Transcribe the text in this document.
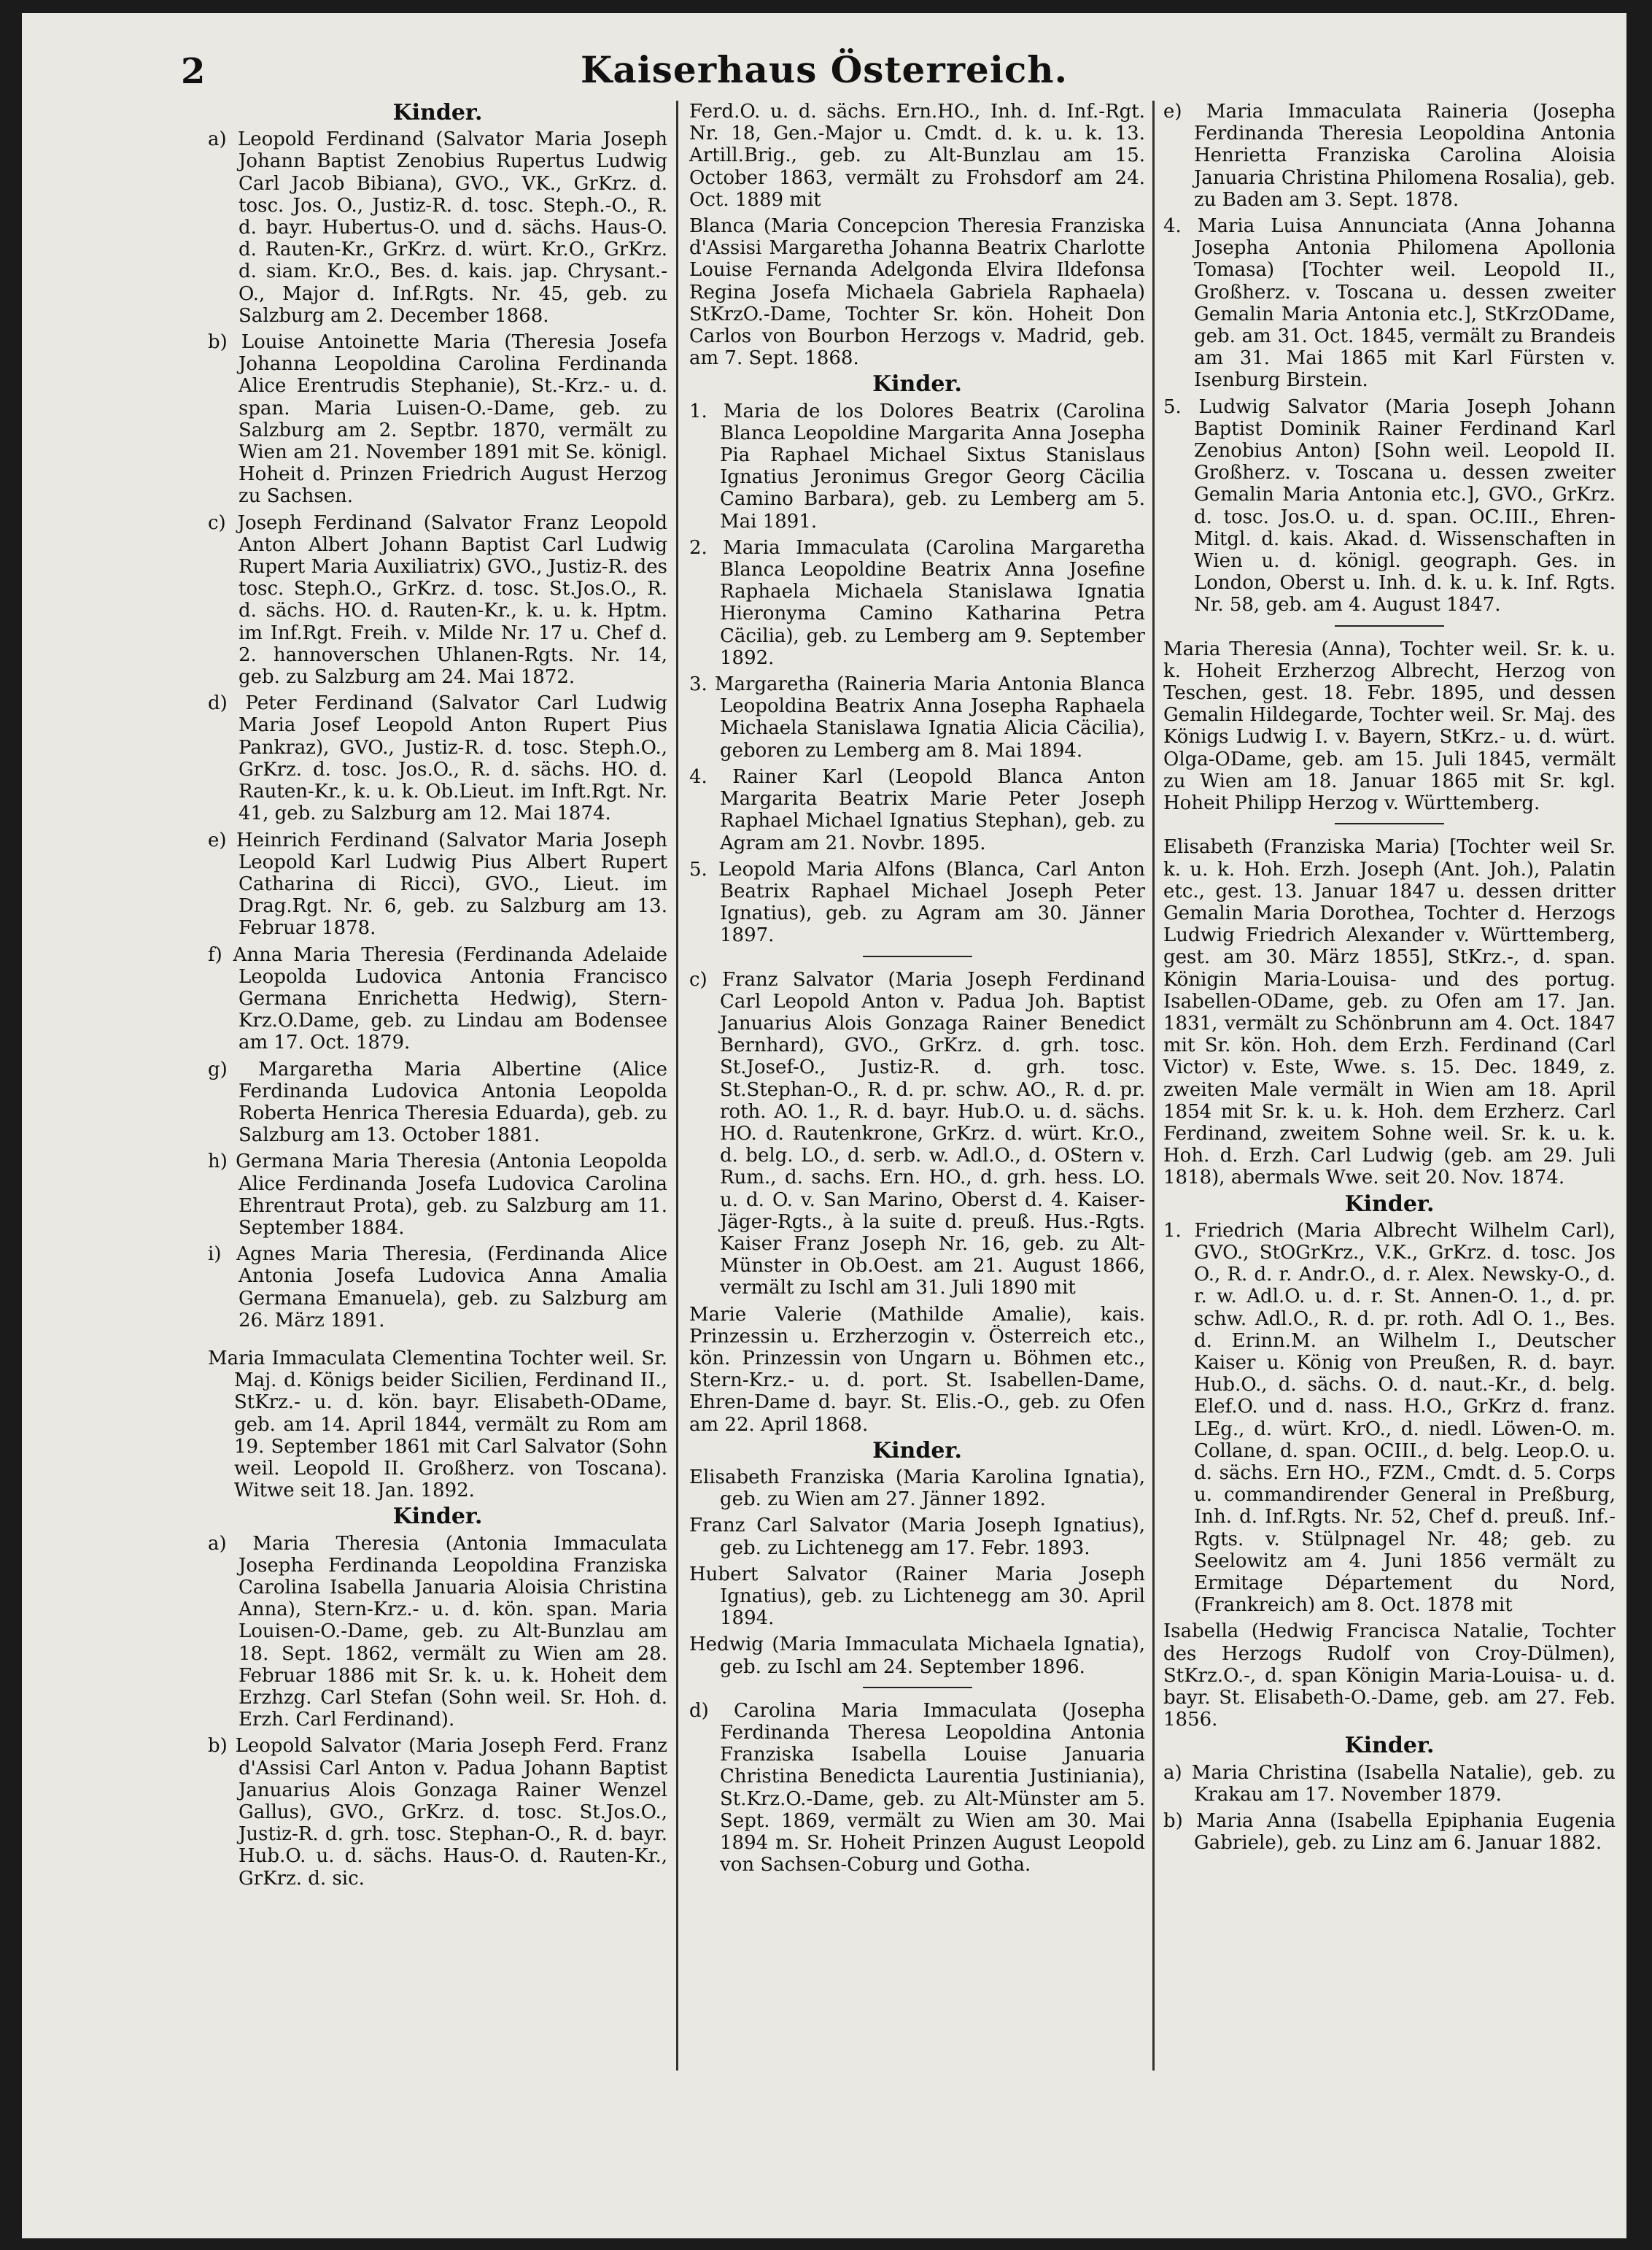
2	Kaiserhaus Österreich.
Kinder.
a) Leopold Ferdinand (Salvator Maria Joseph Johann Baptist Zenobius Rupertus Ludwig Carl Jacob Bibiana), GVO., VK., GrKrz. d. tosc. Jos. O., Justiz-R. d. tosc. Steph.-O., R. d. bayr. Hubertus-O. und d. sächs. Haus-O. d. Rauten-Kr., GrKrz. d. würt. Kr.O., GrKrz. d. siam. Kr.O., Bes. d. kais. jap. Chrysant.-O., Major d. Inf.Rgts. Nr. 45, geb. zu Salzburg am 2. December 1868.
b) Louise Antoinette Maria (Theresia Josefa Johanna Leopoldina Carolina Ferdinanda Alice Erentrudis Stephanie), St.-Krz.- u. d. span. Maria Luisen-O.-Dame, geb. zu Salzburg am 2. Septbr. 1870, vermält zu Wien am 21. November 1891 mit Se. königl. Hoheit d. Prinzen Friedrich August Herzog zu Sachsen.
c) Joseph Ferdinand (Salvator Franz Leopold Anton Albert Johann Baptist Carl Ludwig Rupert Maria Auxiliatrix) GVO., Justiz-R. des tosc. Steph.O., GrKrz. d. tosc. St.Jos.O., R. d. sächs. HO. d. Rauten-Kr., k. u. k. Hptm. im Inf.Rgt. Freih. v. Milde Nr. 17 u. Chef d. 2. hannoverschen Uhlanen-Rgts. Nr. 14, geb. zu Salzburg am 24. Mai 1872.
d) Peter Ferdinand (Salvator Carl Ludwig Maria Josef Leopold Anton Rupert Pius Pankraz), GVO., Justiz-R. d. tosc. Steph.O., GrKrz. d. tosc. Jos.O., R. d. sächs. HO. d. Rauten-Kr., k. u. k. Ob.Lieut. im Inft.Rgt. Nr. 41, geb. zu Salzburg am 12. Mai 1874.
e) Heinrich Ferdinand (Salvator Maria Joseph Leopold Karl Ludwig Pius Albert Rupert Catharina di Ricci), GVO., Lieut. im Drag.Rgt. Nr. 6, geb. zu Salzburg am 13. Februar 1878.
f) Anna Maria Theresia (Ferdinanda Adelaide Leopolda Ludovica Antonia Francisco Germana Enrichetta Hedwig), Stern-Krz.O.Dame, geb. zu Lindau am Bodensee am 17. Oct. 1879.
g) Margaretha Maria Albertine (Alice Ferdinanda Ludovica Antonia Leopolda Roberta Henrica Theresia Eduarda), geb. zu Salzburg am 13. October 1881.
h) Germana Maria Theresia (Antonia Leopolda Alice Ferdinanda Josefa Ludovica Carolina Ehrentraut Prota), geb. zu Salzburg am 11. September 1884.
i) Agnes Maria Theresia, (Ferdinanda Alice Antonia Josefa Ludovica Anna Amalia Germana Emanuela), geb. zu Salzburg am 26. März 1891.
Maria Immaculata Clementina Tochter weil. Sr. Maj. d. Königs beider Sicilien, Ferdinand II., StKrz.- u. d. kön. bayr. Elisabeth-ODame, geb. am 14. April 1844, vermält zu Rom am 19. September 1861 mit Carl Salvator (Sohn weil. Leopold II. Großherz. von Toscana). Witwe seit 18. Jan. 1892.
Kinder.
a) Maria Theresia (Antonia Immaculata Josepha Ferdinanda Leopoldina Franziska Carolina Isabella Januaria Aloisia Christina Anna), Stern-Krz.- u. d. kön. span. Maria Louisen-O.-Dame, geb. zu Alt-Bunzlau am 18. Sept. 1862, vermält zu Wien am 28. Februar 1886 mit Sr. k. u. k. Hoheit dem Erzhzg. Carl Stefan (Sohn weil. Sr. Hoh. d. Erzh. Carl Ferdinand).
b) Leopold Salvator (Maria Joseph Ferd. Franz d'Assisi Carl Anton v. Padua Johann Baptist Januarius Alois Gonzaga Rainer Wenzel Gallus), GVO., GrKrz. d. tosc. St.Jos.O., Justiz-R. d. grh. tosc. Stephan-O., R. d. bayr. Hub.O. u. d. sächs. Haus-O. d. Rauten-Kr., GrKrz. d. sic.
Ferd.O. u. d. sächs. Ern.HO., Inh. d. Inf.-Rgt. Nr. 18, Gen.-Major u. Cmdt. d. k. u. k. 13. Artill.Brig., geb. zu Alt-Bunzlau am 15. October 1863, vermält zu Frohsdorf am 24. Oct. 1889 mit
Blanca (Maria Concepcion Theresia Franziska d'Assisi Margaretha Johanna Beatrix Charlotte Louise Fernanda Adelgonda Elvira Ildefonsa Regina Josefa Michaela Gabriela Raphaela) StKrzO.-Dame, Tochter Sr. kön. Hoheit Don Carlos von Bourbon Herzogs v. Madrid, geb. am 7. Sept. 1868.
Kinder.
1. Maria de los Dolores Beatrix (Carolina Blanca Leopoldine Margarita Anna Josepha Pia Raphael Michael Sixtus Stanislaus Ignatius Jeronimus Gregor Georg Cäcilia Camino Barbara), geb. zu Lemberg am 5. Mai 1891.
2. Maria Immaculata (Carolina Margaretha Blanca Leopoldine Beatrix Anna Josefine Raphaela Michaela Stanislawa Ignatia Hieronyma Camino Katharina Petra Cäcilia), geb. zu Lemberg am 9. September 1892.
3. Margaretha (Raineria Maria Antonia Blanca Leopoldina Beatrix Anna Josepha Raphaela Michaela Stanislawa Ignatia Alicia Cäcilia), geboren zu Lemberg am 8. Mai 1894.
4. Rainer Karl (Leopold Blanca Anton Margarita Beatrix Marie Peter Joseph Raphael Michael Ignatius Stephan), geb. zu Agram am 21. Novbr. 1895.
5. Leopold Maria Alfons (Blanca, Carl Anton Beatrix Raphael Michael Joseph Peter Ignatius), geb. zu Agram am 30. Jänner 1897.
c) Franz Salvator (Maria Joseph Ferdinand Carl Leopold Anton v. Padua Joh. Baptist Januarius Alois Gonzaga Rainer Benedict Bernhard), GVO., GrKrz. d. grh. tosc. St.Josef-O., Justiz-R. d. grh. tosc. St.Stephan-O., R. d. pr. schw. AO., R. d. pr. roth. AO. 1., R. d. bayr. Hub.O. u. d. sächs. HO. d. Rautenkrone, GrKrz. d. würt. Kr.O., d. belg. LO., d. serb. w. Adl.O., d. OStern v. Rum., d. sachs. Ern. HO., d. grh. hess. LO. u. d. O. v. San Marino, Oberst d. 4. Kaiser-Jäger-Rgts., à la suite d. preuß. Hus.-Rgts. Kaiser Franz Joseph Nr. 16, geb. zu Alt-Münster in Ob.Oest. am 21. August 1866, vermält zu Ischl am 31. Juli 1890 mit
Marie Valerie (Mathilde Amalie), kais. Prinzessin u. Erzherzogin v. Österreich etc., kön. Prinzessin von Ungarn u. Böhmen etc., Stern-Krz.- u. d. port. St. Isabellen-Dame, Ehren-Dame d. bayr. St. Elis.-O., geb. zu Ofen am 22. April 1868.
Kinder.
Elisabeth Franziska (Maria Karolina Ignatia), geb. zu Wien am 27. Jänner 1892.
Franz Carl Salvator (Maria Joseph Ignatius), geb. zu Lichtenegg am 17. Febr. 1893.
Hubert Salvator (Rainer Maria Joseph Ignatius), geb. zu Lichtenegg am 30. April 1894.
Hedwig (Maria Immaculata Michaela Ignatia), geb. zu Ischl am 24. September 1896.
d) Carolina Maria Immaculata (Josepha Ferdinanda Theresa Leopoldina Antonia Franziska Isabella Louise Januaria Christina Benedicta Laurentia Justiniania), St.Krz.O.-Dame, geb. zu Alt-Münster am 5. Sept. 1869, vermält zu Wien am 30. Mai 1894 m. Sr. Hoheit Prinzen August Leopold von Sachsen-Coburg und Gotha.
e) Maria Immaculata Raineria (Josepha Ferdinanda Theresia Leopoldina Antonia Henrietta Franziska Carolina Aloisia Januaria Christina Philomena Rosalia), geb. zu Baden am 3. Sept. 1878.
4. Maria Luisa Annunciata (Anna Johanna Josepha Antonia Philomena Apollonia Tomasa) [Tochter weil. Leopold II., Großherz. v. Toscana u. dessen zweiter Gemalin Maria Antonia etc.], StKrzODame, geb. am 31. Oct. 1845, vermält zu Brandeis am 31. Mai 1865 mit Karl Fürsten v. Isenburg Birstein.
5. Ludwig Salvator (Maria Joseph Johann Baptist Dominik Rainer Ferdinand Karl Zenobius Anton) [Sohn weil. Leopold II. Großherz. v. Toscana u. dessen zweiter Gemalin Maria Antonia etc.], GVO., GrKrz. d. tosc. Jos.O. u. d. span. OC.III., Ehren-Mitgl. d. kais. Akad. d. Wissenschaften in Wien u. d. königl. geograph. Ges. in London, Oberst u. Inh. d. k. u. k. Inf. Rgts. Nr. 58, geb. am 4. August 1847.
Maria Theresia (Anna), Tochter weil. Sr. k. u. k. Hoheit Erzherzog Albrecht, Herzog von Teschen, gest. 18. Febr. 1895, und dessen Gemalin Hildegarde, Tochter weil. Sr. Maj. des Königs Ludwig I. v. Bayern, StKrz.- u. d. würt. Olga-ODame, geb. am 15. Juli 1845, vermält zu Wien am 18. Januar 1865 mit Sr. kgl. Hoheit Philipp Herzog v. Württemberg.
Elisabeth (Franziska Maria) [Tochter weil Sr. k. u. k. Hoh. Erzh. Joseph (Ant. Joh.), Palatin etc., gest. 13. Januar 1847 u. dessen dritter Gemalin Maria Dorothea, Tochter d. Herzogs Ludwig Friedrich Alexander v. Württemberg, gest. am 30. März 1855], StKrz.-, d. span. Königin Maria-Louisa- und des portug. Isabellen-ODame, geb. zu Ofen am 17. Jan. 1831, vermält zu Schönbrunn am 4. Oct. 1847 mit Sr. kön. Hoh. dem Erzh. Ferdinand (Carl Victor) v. Este, Wwe. s. 15. Dec. 1849, z. zweiten Male vermält in Wien am 18. April 1854 mit Sr. k. u. k. Hoh. dem Erzherz. Carl Ferdinand, zweitem Sohne weil. Sr. k. u. k. Hoh. d. Erzh. Carl Ludwig (geb. am 29. Juli 1818), abermals Wwe. seit 20. Nov. 1874.
Kinder.
1. Friedrich (Maria Albrecht Wilhelm Carl), GVO., StOGrKrz., V.K., GrKrz. d. tosc. Jos O., R. d. r. Andr.O., d. r. Alex. Newsky-O., d. r. w. Adl.O. u. d. r. St. Annen-O. 1., d. pr. schw. Adl.O., R. d. pr. roth. Adl O. 1., Bes. d. Erinn.M. an Wilhelm I., Deutscher Kaiser u. König von Preußen, R. d. bayr. Hub.O., d. sächs. O. d. naut.-Kr., d. belg. Elef.O. und d. nass. H.O., GrKrz d. franz. LEg., d. würt. KrO., d. niedl. Löwen-O. m. Collane, d. span. OCIII., d. belg. Leop.O. u. d. sächs. Ern HO., FZM., Cmdt. d. 5. Corps u. commandirender General in Preßburg, Inh. d. Inf.Rgts. Nr. 52, Chef d. preuß. Inf.-Rgts. v. Stülpnagel Nr. 48; geb. zu Seelowitz am 4. Juni 1856 vermält zu Ermitage Département du Nord, (Frankreich) am 8. Oct. 1878 mit
Isabella (Hedwig Francisca Natalie, Tochter des Herzogs Rudolf von Croy-Dülmen), StKrz.O.-, d. span Königin Maria-Louisa- u. d. bayr. St. Elisabeth-O.-Dame, geb. am 27. Feb. 1856.
Kinder.
a) Maria Christina (Isabella Natalie), geb. zu Krakau am 17. November 1879.
b) Maria Anna (Isabella Epiphania Eugenia Gabriele), geb. zu Linz am 6. Januar 1882.
